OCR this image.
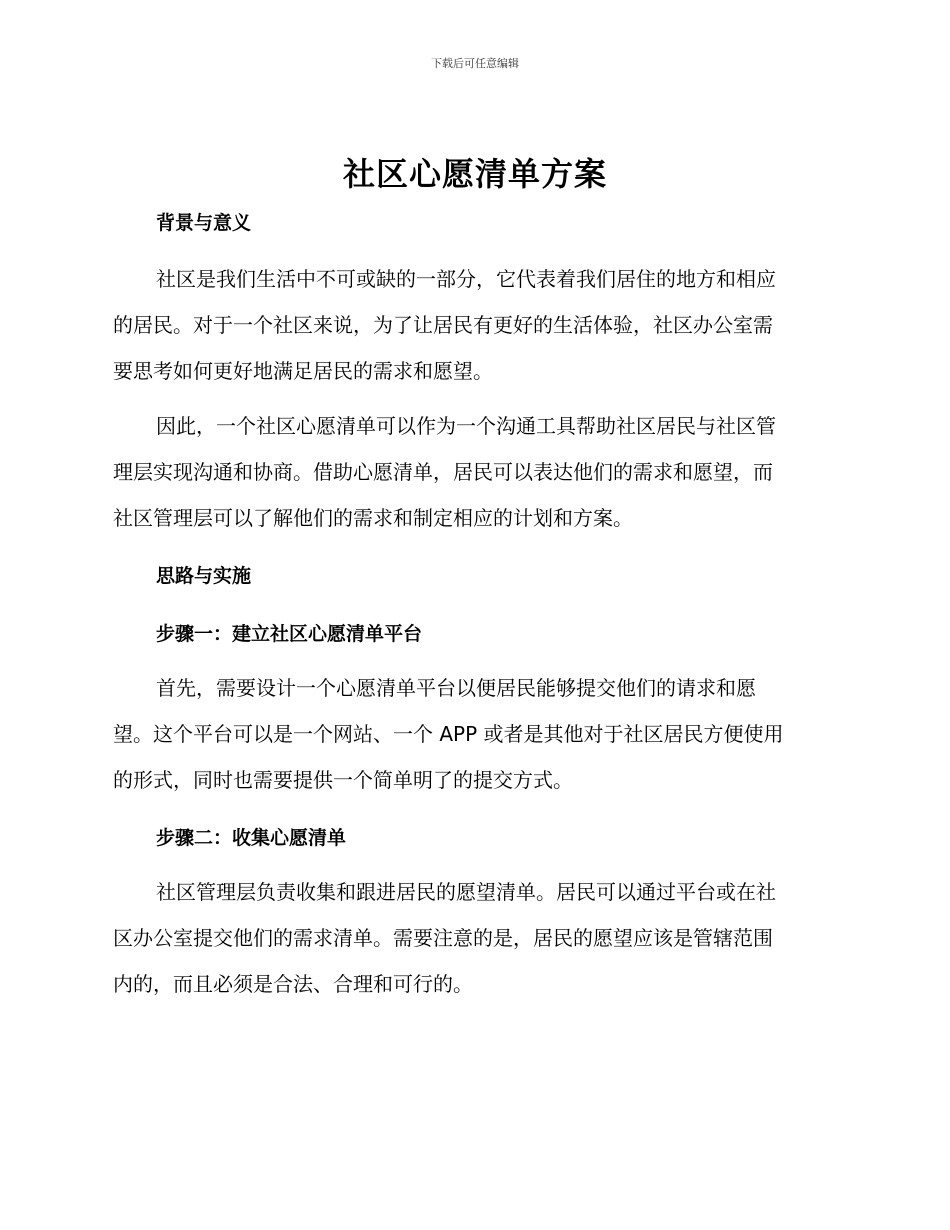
下载后可任意编辑
社区心愿清单方案
背景与意义
社区是我们生活中不可或缺的一部分，它代表着我们居住的地方和相应
的居民。对于一个社区来说，为了让居民有更好的生活体验，社区办公室需
要思考如何更好地满足居民的需求和愿望。
因此，一个社区心愿清单可以作为一个沟通工具帮助社区居民与社区管
理层实现沟通和协商。借助心愿清单，居民可以表达他们的需求和愿望，而
社区管理层可以了解他们的需求和制定相应的计划和方案。
思路与实施
步骤一：建立社区心愿清单平台
首先，需要设计一个心愿清单平台以便居民能够提交他们的请求和愿
望。这个平台可以是一个网站、一个 APP 或者是其他对于社区居民方便使用
的形式，同时也需要提供一个简单明了的提交方式。
步骤二：收集心愿清单
社区管理层负责收集和跟进居民的愿望清单。居民可以通过平台或在社
区办公室提交他们的需求清单。需要注意的是，居民的愿望应该是管辖范围
内的，而且必须是合法、合理和可行的。
